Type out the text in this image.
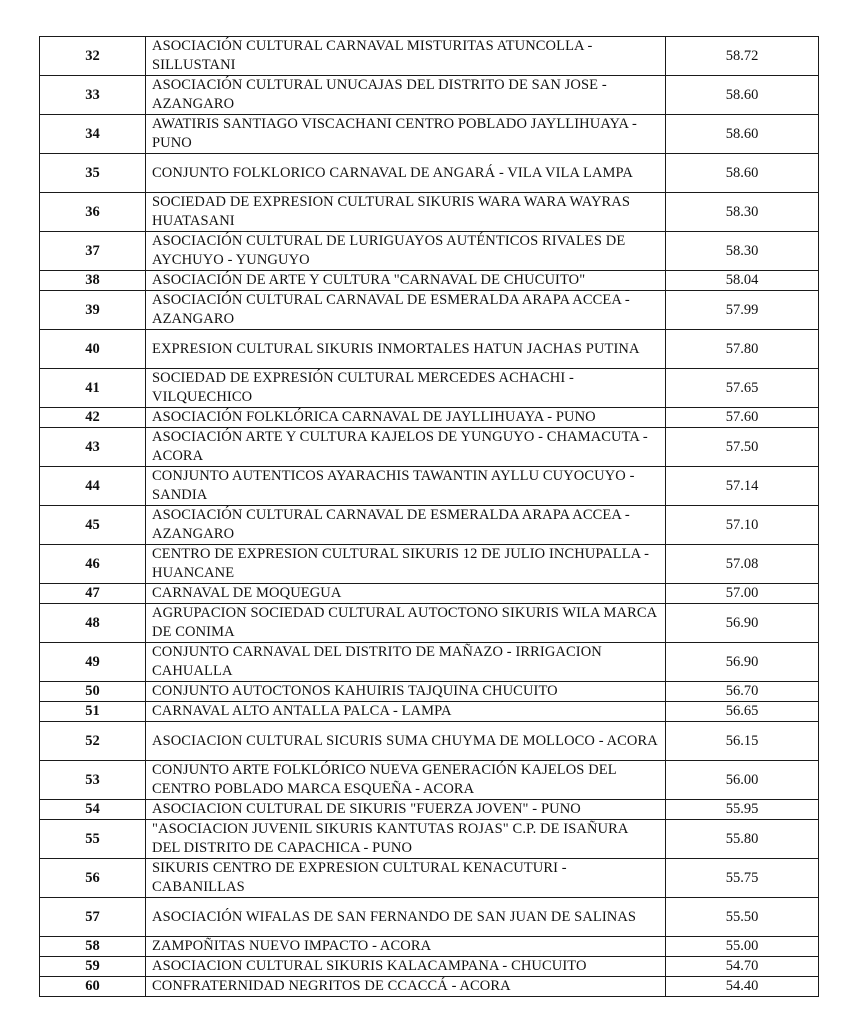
32	ASOCIACIÓN CULTURAL CARNAVAL MISTURITAS ATUNCOLLA - SILLUSTANI	58.72
33	ASOCIACIÓN CULTURAL UNUCAJAS DEL DISTRITO DE SAN JOSE - AZANGARO	58.60
34	AWATIRIS SANTIAGO VISCACHANI CENTRO POBLADO JAYLLIHUAYA - PUNO	58.60
35	CONJUNTO FOLKLORICO CARNAVAL DE ANGARÁ - VILA VILA LAMPA	58.60
36	SOCIEDAD DE EXPRESION CULTURAL SIKURIS WARA WARA WAYRAS HUATASANI	58.30
37	ASOCIACIÓN CULTURAL DE LURIGUAYOS AUTÉNTICOS RIVALES DE AYCHUYO - YUNGUYO	58.30
38	ASOCIACIÓN DE ARTE Y CULTURA "CARNAVAL DE CHUCUITO"	58.04
39	ASOCIACIÓN CULTURAL CARNAVAL DE ESMERALDA ARAPA ACCEA - AZANGARO	57.99
40	EXPRESION CULTURAL SIKURIS INMORTALES HATUN JACHAS PUTINA	57.80
41	SOCIEDAD DE EXPRESIÓN CULTURAL MERCEDES ACHACHI - VILQUECHICO	57.65
42	ASOCIACIÓN FOLKLÓRICA CARNAVAL DE JAYLLIHUAYA - PUNO	57.60
43	ASOCIACIÓN ARTE Y CULTURA KAJELOS DE YUNGUYO - CHAMACUTA - ACORA	57.50
44	CONJUNTO AUTENTICOS AYARACHIS TAWANTIN AYLLU CUYOCUYO - SANDIA	57.14
45	ASOCIACIÓN CULTURAL CARNAVAL DE ESMERALDA ARAPA ACCEA - AZANGARO	57.10
46	CENTRO DE EXPRESION CULTURAL SIKURIS 12 DE JULIO INCHUPALLA - HUANCANE	57.08
47	CARNAVAL DE MOQUEGUA	57.00
48	AGRUPACION SOCIEDAD CULTURAL AUTOCTONO SIKURIS WILA MARCA DE CONIMA	56.90
49	CONJUNTO CARNAVAL DEL DISTRITO DE MAÑAZO - IRRIGACION CAHUALLA	56.90
50	CONJUNTO AUTOCTONOS KAHUIRIS TAJQUINA CHUCUITO	56.70
51	CARNAVAL ALTO ANTALLA PALCA - LAMPA	56.65
52	ASOCIACION CULTURAL SICURIS SUMA CHUYMA DE MOLLOCO - ACORA	56.15
53	CONJUNTO ARTE FOLKLÓRICO NUEVA GENERACIÓN KAJELOS DEL CENTRO POBLADO MARCA ESQUEÑA - ACORA	56.00
54	ASOCIACION CULTURAL DE SIKURIS "FUERZA JOVEN" - PUNO	55.95
55	"ASOCIACION JUVENIL SIKURIS KANTUTAS ROJAS" C.P. DE ISAÑURA DEL DISTRITO DE CAPACHICA - PUNO	55.80
56	SIKURIS CENTRO DE EXPRESION CULTURAL KENACUTURI - CABANILLAS	55.75
57	ASOCIACIÓN WIFALAS DE SAN FERNANDO DE SAN JUAN DE SALINAS	55.50
58	ZAMPOÑITAS NUEVO IMPACTO - ACORA	55.00
59	ASOCIACION CULTURAL SIKURIS KALACAMPANA - CHUCUITO	54.70
60	CONFRATERNIDAD NEGRITOS DE CCACCÁ - ACORA	54.40
